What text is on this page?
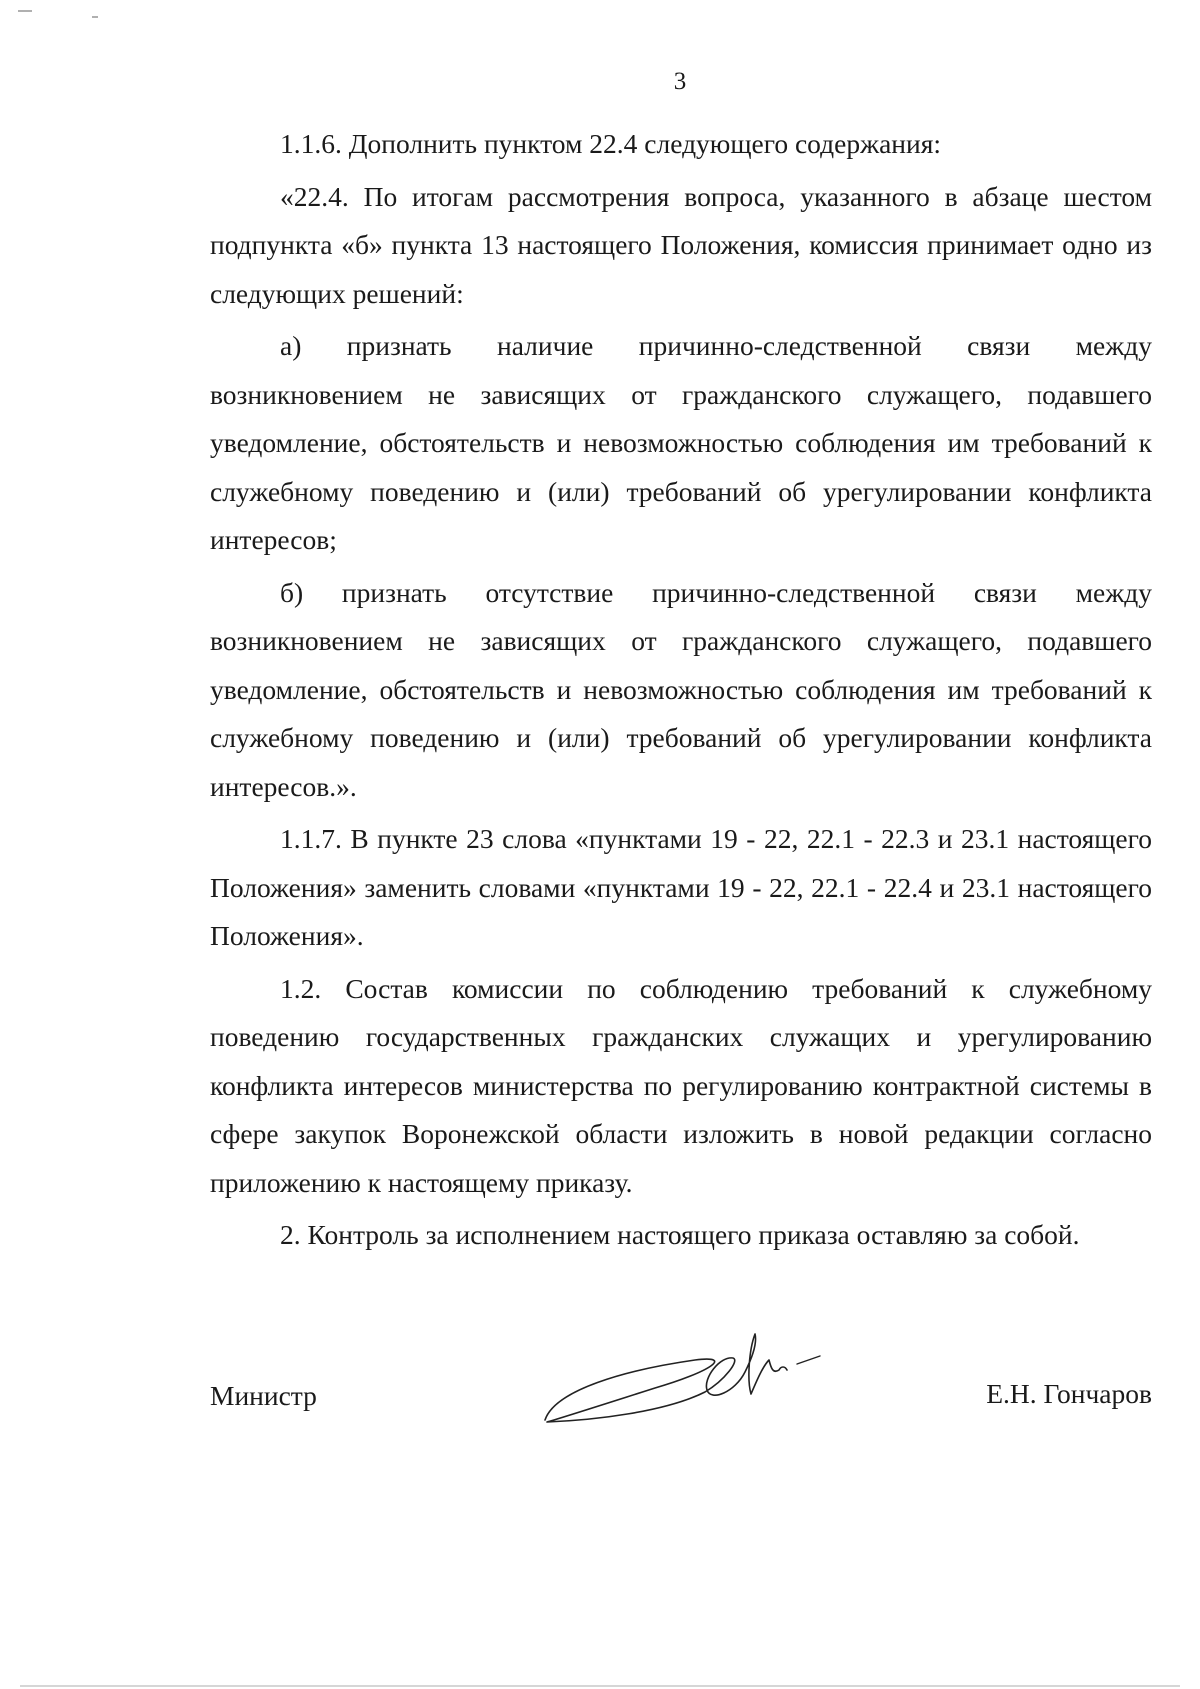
3

1.1.6. Дополнить пунктом 22.4 следующего содержания:

«22.4. По итогам рассмотрения вопроса, указанного в абзаце шестом подпункта «б» пункта 13 настоящего Положения, комиссия принимает одно из следующих решений:

а) признать наличие причинно-следственной связи между возникновением не зависящих от гражданского служащего, подавшего уведомление, обстоятельств и невозможностью соблюдения им требований к служебному поведению и (или) требований об урегулировании конфликта интересов;

б) признать отсутствие причинно-следственной связи между возникновением не зависящих от гражданского служащего, подавшего уведомление, обстоятельств и невозможностью соблюдения им требований к служебному поведению и (или) требований об урегулировании конфликта интересов.».

1.1.7. В пункте 23 слова «пунктами 19 - 22, 22.1 - 22.3 и 23.1 настоящего Положения» заменить словами «пунктами 19 - 22, 22.1 - 22.4 и 23.1 настоящего Положения».

1.2. Состав комиссии по соблюдению требований к служебному поведению государственных гражданских служащих и урегулированию конфликта интересов министерства по регулированию контрактной системы в сфере закупок Воронежской области изложить в новой редакции согласно приложению к настоящему приказу.

2. Контроль за исполнением настоящего приказа оставляю за собой.

Министр	Е.Н. Гончаров
